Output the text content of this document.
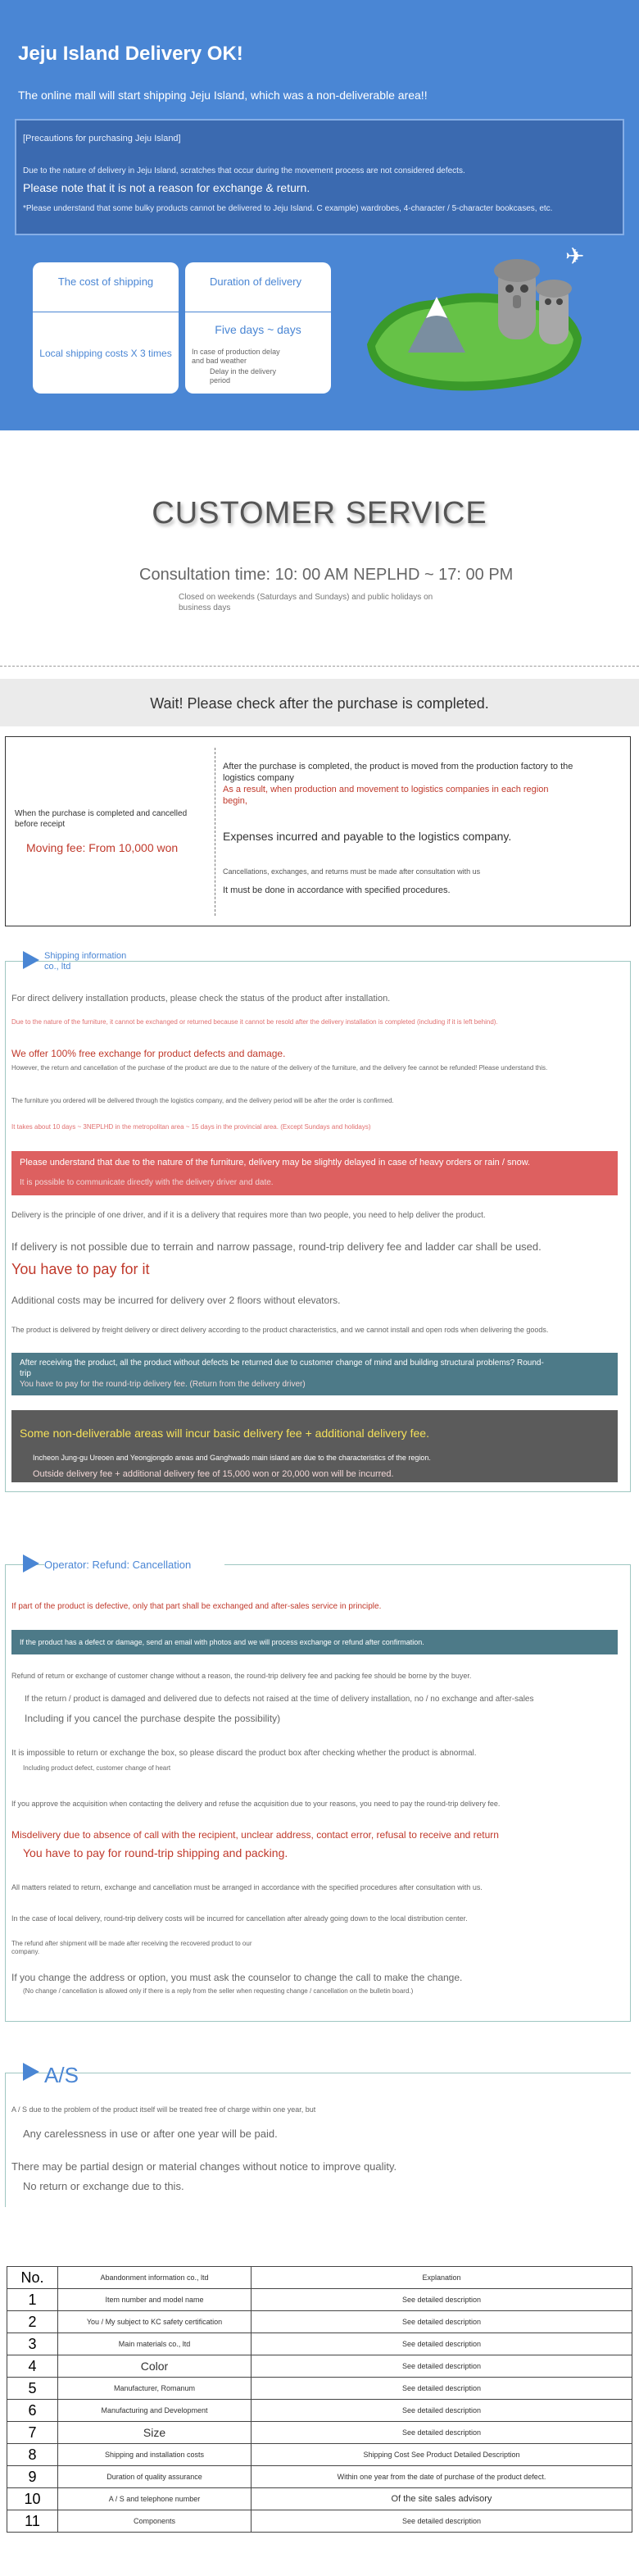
Jeju Island Delivery OK!
The online mall will start shipping Jeju Island, which was a non-deliverable area!!
[Precautions for purchasing Jeju Island]
Due to the nature of delivery in Jeju Island, scratches that occur during the movement process are not considered defects.
Please note that it is not a reason for exchange & return.
*Please understand that some bulky products cannot be delivered to Jeju Island. C example) wardrobes, 4-character / 5-character bookcases, etc.
The cost of shipping
Local shipping costs X 3 times
Duration of delivery
Five days ~ days
In case of production delay and bad weather
Delay in the delivery period
✈
CUSTOMER SERVICE
Consultation time: 10: 00 AM NEPLHD ~ 17: 00 PM
Closed on weekends (Saturdays and Sundays) and public holidays on business days
Wait! Please check after the purchase is completed.
When the purchase is completed and cancelled before receipt
Moving fee: From 10,000 won
After the purchase is completed, the product is moved from the production factory to the logistics company
As a result, when production and movement to logistics companies in each region begin,
Expenses incurred and payable to the logistics company.
Cancellations, exchanges, and returns must be made after consultation with us
It must be done in accordance with specified procedures.
Shipping information co., ltd
For direct delivery installation products, please check the status of the product after installation.
Due to the nature of the furniture, it cannot be exchanged or returned because it cannot be resold after the delivery installation is completed (including if it is left behind).
We offer 100% free exchange for product defects and damage.
However, the return and cancellation of the purchase of the product are due to the nature of the delivery of the furniture, and the delivery fee cannot be refunded! Please understand this.
The furniture you ordered will be delivered through the logistics company, and the delivery period will be after the order is confirmed.
It takes about 10 days ~ 3NEPLHD in the metropolitan area ~ 15 days in the provincial area. (Except Sundays and holidays)
Please understand that due to the nature of the furniture, delivery may be slightly delayed in case of heavy orders or rain / snow.
It is possible to communicate directly with the delivery driver and date.
Delivery is the principle of one driver, and if it is a delivery that requires more than two people, you need to help deliver the product.
If delivery is not possible due to terrain and narrow passage, round-trip delivery fee and ladder car shall be used.
You have to pay for it
Additional costs may be incurred for delivery over 2 floors without elevators.
The product is delivered by freight delivery or direct delivery according to the product characteristics, and we cannot install and open rods when delivering the goods.
After receiving the product, all the product without defects be returned due to customer change of mind and building structural problems? Round-trip
You have to pay for the round-trip delivery fee. (Return from the delivery driver)
Some non-deliverable areas will incur basic delivery fee + additional delivery fee.
Incheon Jung-gu Ureoen and Yeongjongdo areas and Ganghwado main island are due to the characteristics of the region.
Outside delivery fee + additional delivery fee of 15,000 won or 20,000 won will be incurred.
Operator: Refund: Cancellation
If part of the product is defective, only that part shall be exchanged and after-sales service in principle.
If the product has a defect or damage, send an email with photos and we will process exchange or refund after confirmation.
Refund of return or exchange of customer change without a reason, the round-trip delivery fee and packing fee should be borne by the buyer.
If the return / product is damaged and delivered due to defects not raised at the time of delivery installation, no / no exchange and after-sales
Including if you cancel the purchase despite the possibility)
It is impossible to return or exchange the box, so please discard the product box after checking whether the product is abnormal.
Including product defect, customer change of heart
If you approve the acquisition when contacting the delivery and refuse the acquisition due to your reasons, you need to pay the round-trip delivery fee.
Misdelivery due to absence of call with the recipient, unclear address, contact error, refusal to receive and return
You have to pay for round-trip shipping and packing.
All matters related to return, exchange and cancellation must be arranged in accordance with the specified procedures after consultation with us.
In the case of local delivery, round-trip delivery costs will be incurred for cancellation after already going down to the local distribution center.
The refund after shipment will be made after receiving the recovered product to our company.
If you change the address or option, you must ask the counselor to change the call to make the change.
(No change / cancellation is allowed only if there is a reply from the seller when requesting change / cancellation on the bulletin board.)
A/S
A / S due to the problem of the product itself will be treated free of charge within one year, but
Any carelessness in use or after one year will be paid.
There may be partial design or material changes without notice to improve quality.
No return or exchange due to this.
No.	Abandonment information co., ltd	Explanation
1	Item number and model name	See detailed description
2	You / My subject to KC safety certification	See detailed description
3	Main materials co., ltd	See detailed description
4	Color	See detailed description
5	Manufacturer, Romanum	See detailed description
6	Manufacturing and Development	See detailed description
7	Size	See detailed description
8	Shipping and installation costs	Shipping Cost See Product Detailed Description
9	Duration of quality assurance	Within one year from the date of purchase of the product defect.
10	A / S and telephone number	Of the site sales advisory
11	Components	See detailed description
